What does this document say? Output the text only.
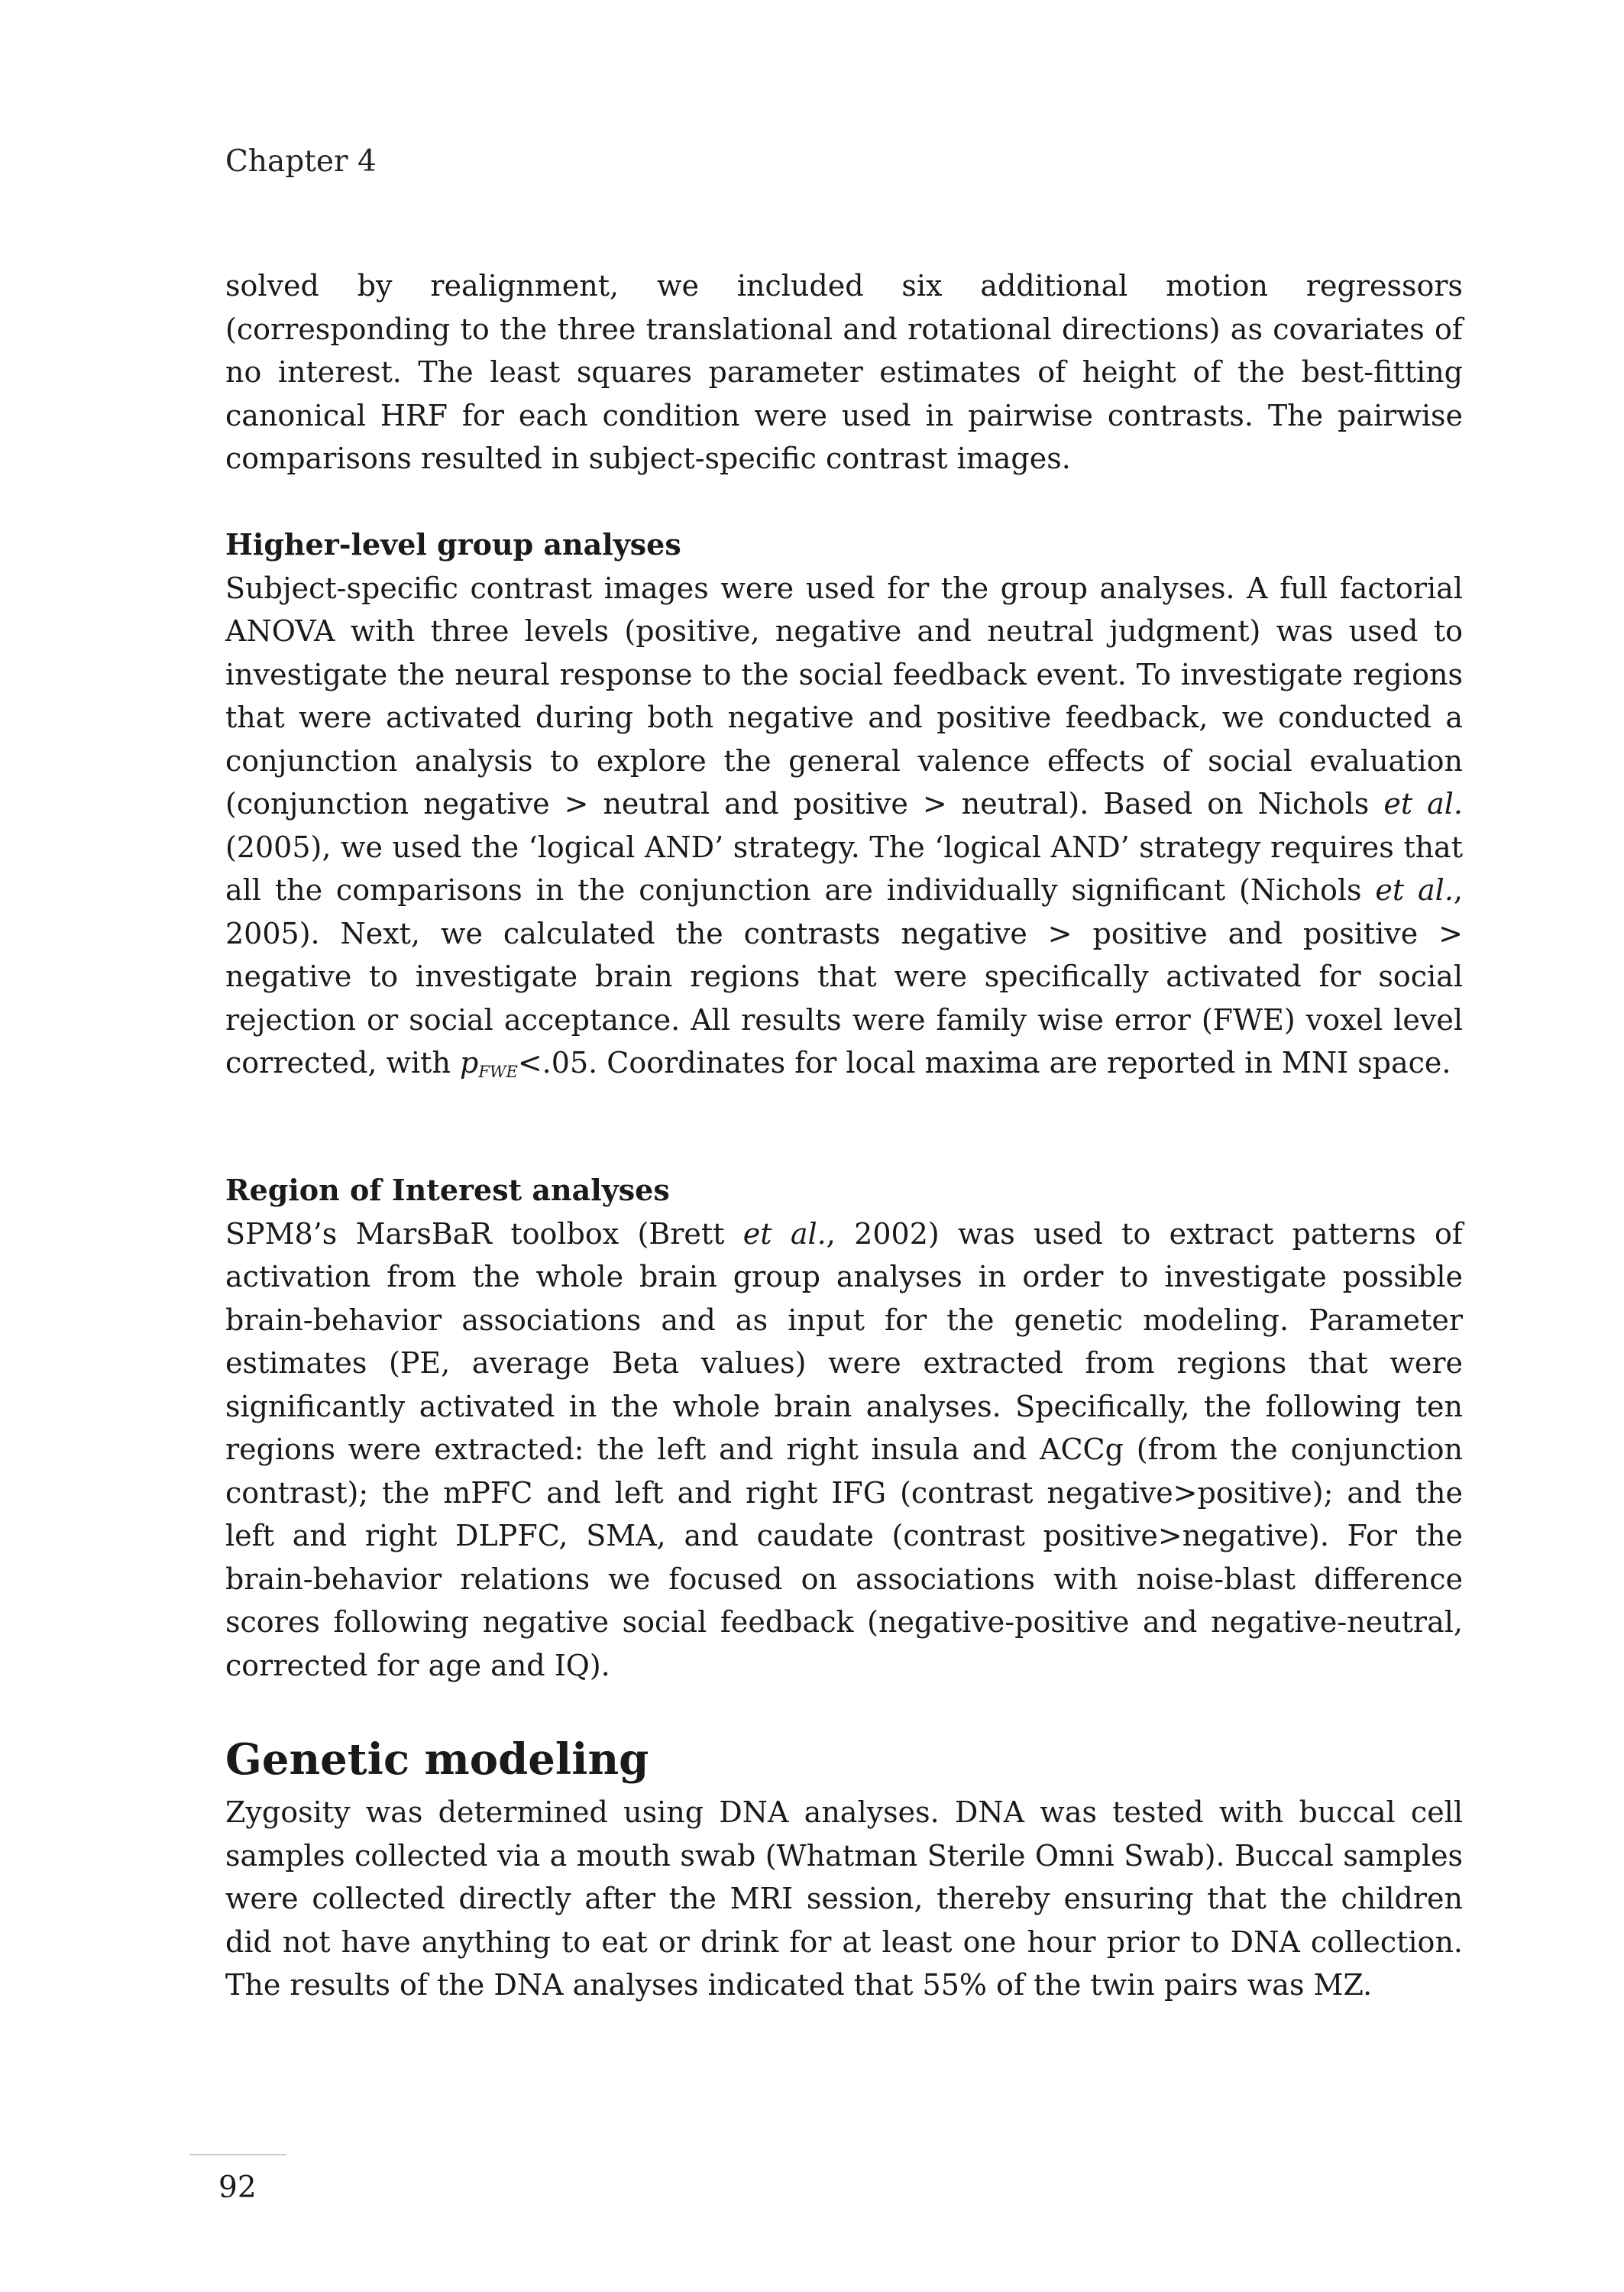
Chapter 4

solved by realignment, we included six additional motion regressors (corresponding to the three translational and rotational directions) as covariates of no interest. The least squares parameter estimates of height of the best-fitting canonical HRF for each condition were used in pairwise contrasts. The pairwise comparisons resulted in subject-specific contrast images.

Higher-level group analyses

Subject-specific contrast images were used for the group analyses. A full factorial ANOVA with three levels (positive, negative and neutral judgment) was used to investigate the neural response to the social feedback event. To investigate regions that were activated during both negative and positive feedback, we conducted a conjunction analysis to explore the general valence effects of social evaluation (conjunction negative > neutral and positive > neutral). Based on Nichols et al. (2005), we used the ‘logical AND’ strategy. The ‘logical AND’ strategy requires that all the comparisons in the conjunction are individually significant (Nichols et al., 2005). Next, we calculated the contrasts negative > positive and positive > negative to investigate brain regions that were specifically activated for social rejection or social acceptance. All results were family wise error (FWE) voxel level corrected, with $p_{FWE}<.05$. Coordinates for local maxima are reported in MNI space.

Region of Interest analyses

SPM8’s MarsBaR toolbox (Brett et al., 2002) was used to extract patterns of activation from the whole brain group analyses in order to investigate possible brain-behavior associations and as input for the genetic modeling. Parameter estimates (PE, average Beta values) were extracted from regions that were significantly activated in the whole brain analyses. Specifically, the following ten regions were extracted: the left and right insula and ACCg (from the conjunction contrast); the mPFC and left and right IFG (contrast negative>positive); and the left and right DLPFC, SMA, and caudate (contrast positive>negative). For the brain-behavior relations we focused on associations with noise-blast difference scores following negative social feedback (negative-positive and negative-neutral, corrected for age and IQ).

Genetic modeling

Zygosity was determined using DNA analyses. DNA was tested with buccal cell samples collected via a mouth swab (Whatman Sterile Omni Swab). Buccal samples were collected directly after the MRI session, thereby ensuring that the children did not have anything to eat or drink for at least one hour prior to DNA collection. The results of the DNA analyses indicated that 55% of the twin pairs was MZ.

92
